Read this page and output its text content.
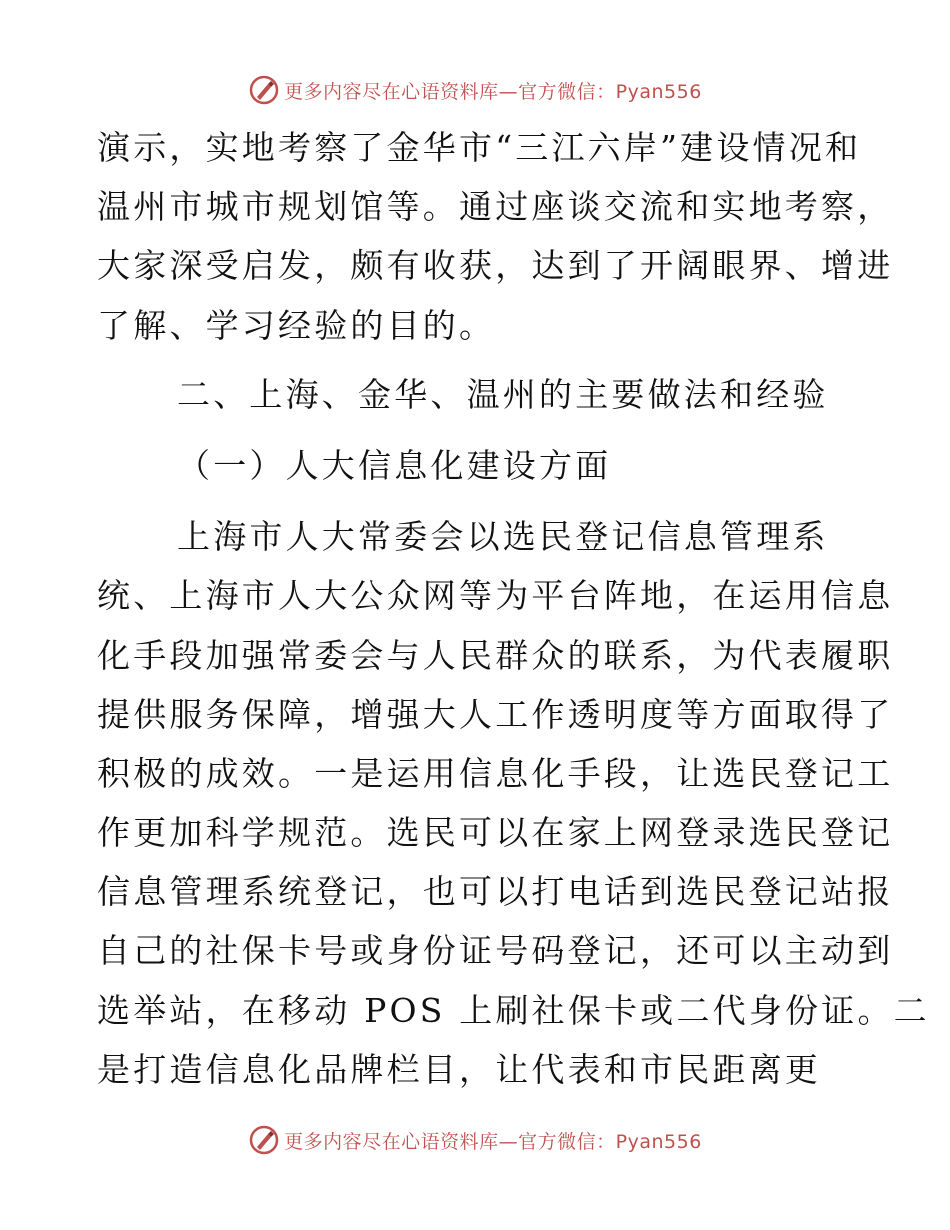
更多内容尽在心语资料库—官方微信：Pyan556
演示，实地考察了金华市“三江六岸”建设情况和
温州市城市规划馆等。通过座谈交流和实地考察，
大家深受启发，颇有收获，达到了开阔眼界、增进
了解、学习经验的目的。
二、上海、金华、温州的主要做法和经验
（一）人大信息化建设方面
上海市人大常委会以选民登记信息管理系
统、上海市人大公众网等为平台阵地，在运用信息
化手段加强常委会与人民群众的联系，为代表履职
提供服务保障，增强大人工作透明度等方面取得了
积极的成效。一是运用信息化手段，让选民登记工
作更加科学规范。选民可以在家上网登录选民登记
信息管理系统登记，也可以打电话到选民登记站报
自己的社保卡号或身份证号码登记，还可以主动到
选举站，在移动 POS 上刷社保卡或二代身份证。二
是打造信息化品牌栏目，让代表和市民距离更
更多内容尽在心语资料库—官方微信：Pyan556
